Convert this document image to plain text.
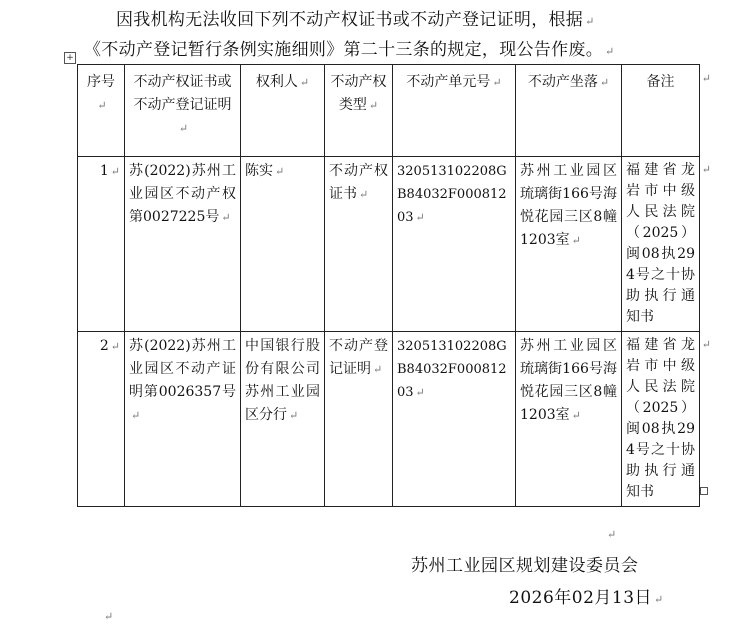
因我机构无法收回下列不动产权证书或不动产登记证明，根据 ↵

《不动产登记暂行条例实施细则》第二十三条的规定，现公告作废。 ↵

+
序号↵	不动产权证书或不动产登记证明↵	权利人 ↵	不动产权类型 ↵	不动产单元号 ↵	不动产坐落 ↵	备注 ↵

1 ↵	苏(2022)苏州工业园区不动产权第0027225号 ↵	陈实 ↵	不动产权证书 ↵	320513102208GB84032F00081203 ↵	苏州工业园区琉璃街166号海悦花园三区8幢1203室 ↵	福建省龙岩市中级人民法院（2025）闽08执294号之十协助执行通知书
↵

2 ↵	苏(2022)苏州工业园区不动产证明第0026357号↵	中国银行股份有限公司苏州工业园区分行 ↵	不动产登记证明 ↵	320513102208GB84032F00081203 ↵	苏州工业园区琉璃街166号海悦花园三区8幢1203室 ↵	福建省龙岩市中级人民法院（2025）闽08执294号之十协助执行通知书
↵
↵
苏州工业园区规划建设委员会
2026年02月13日 ↵
↵
